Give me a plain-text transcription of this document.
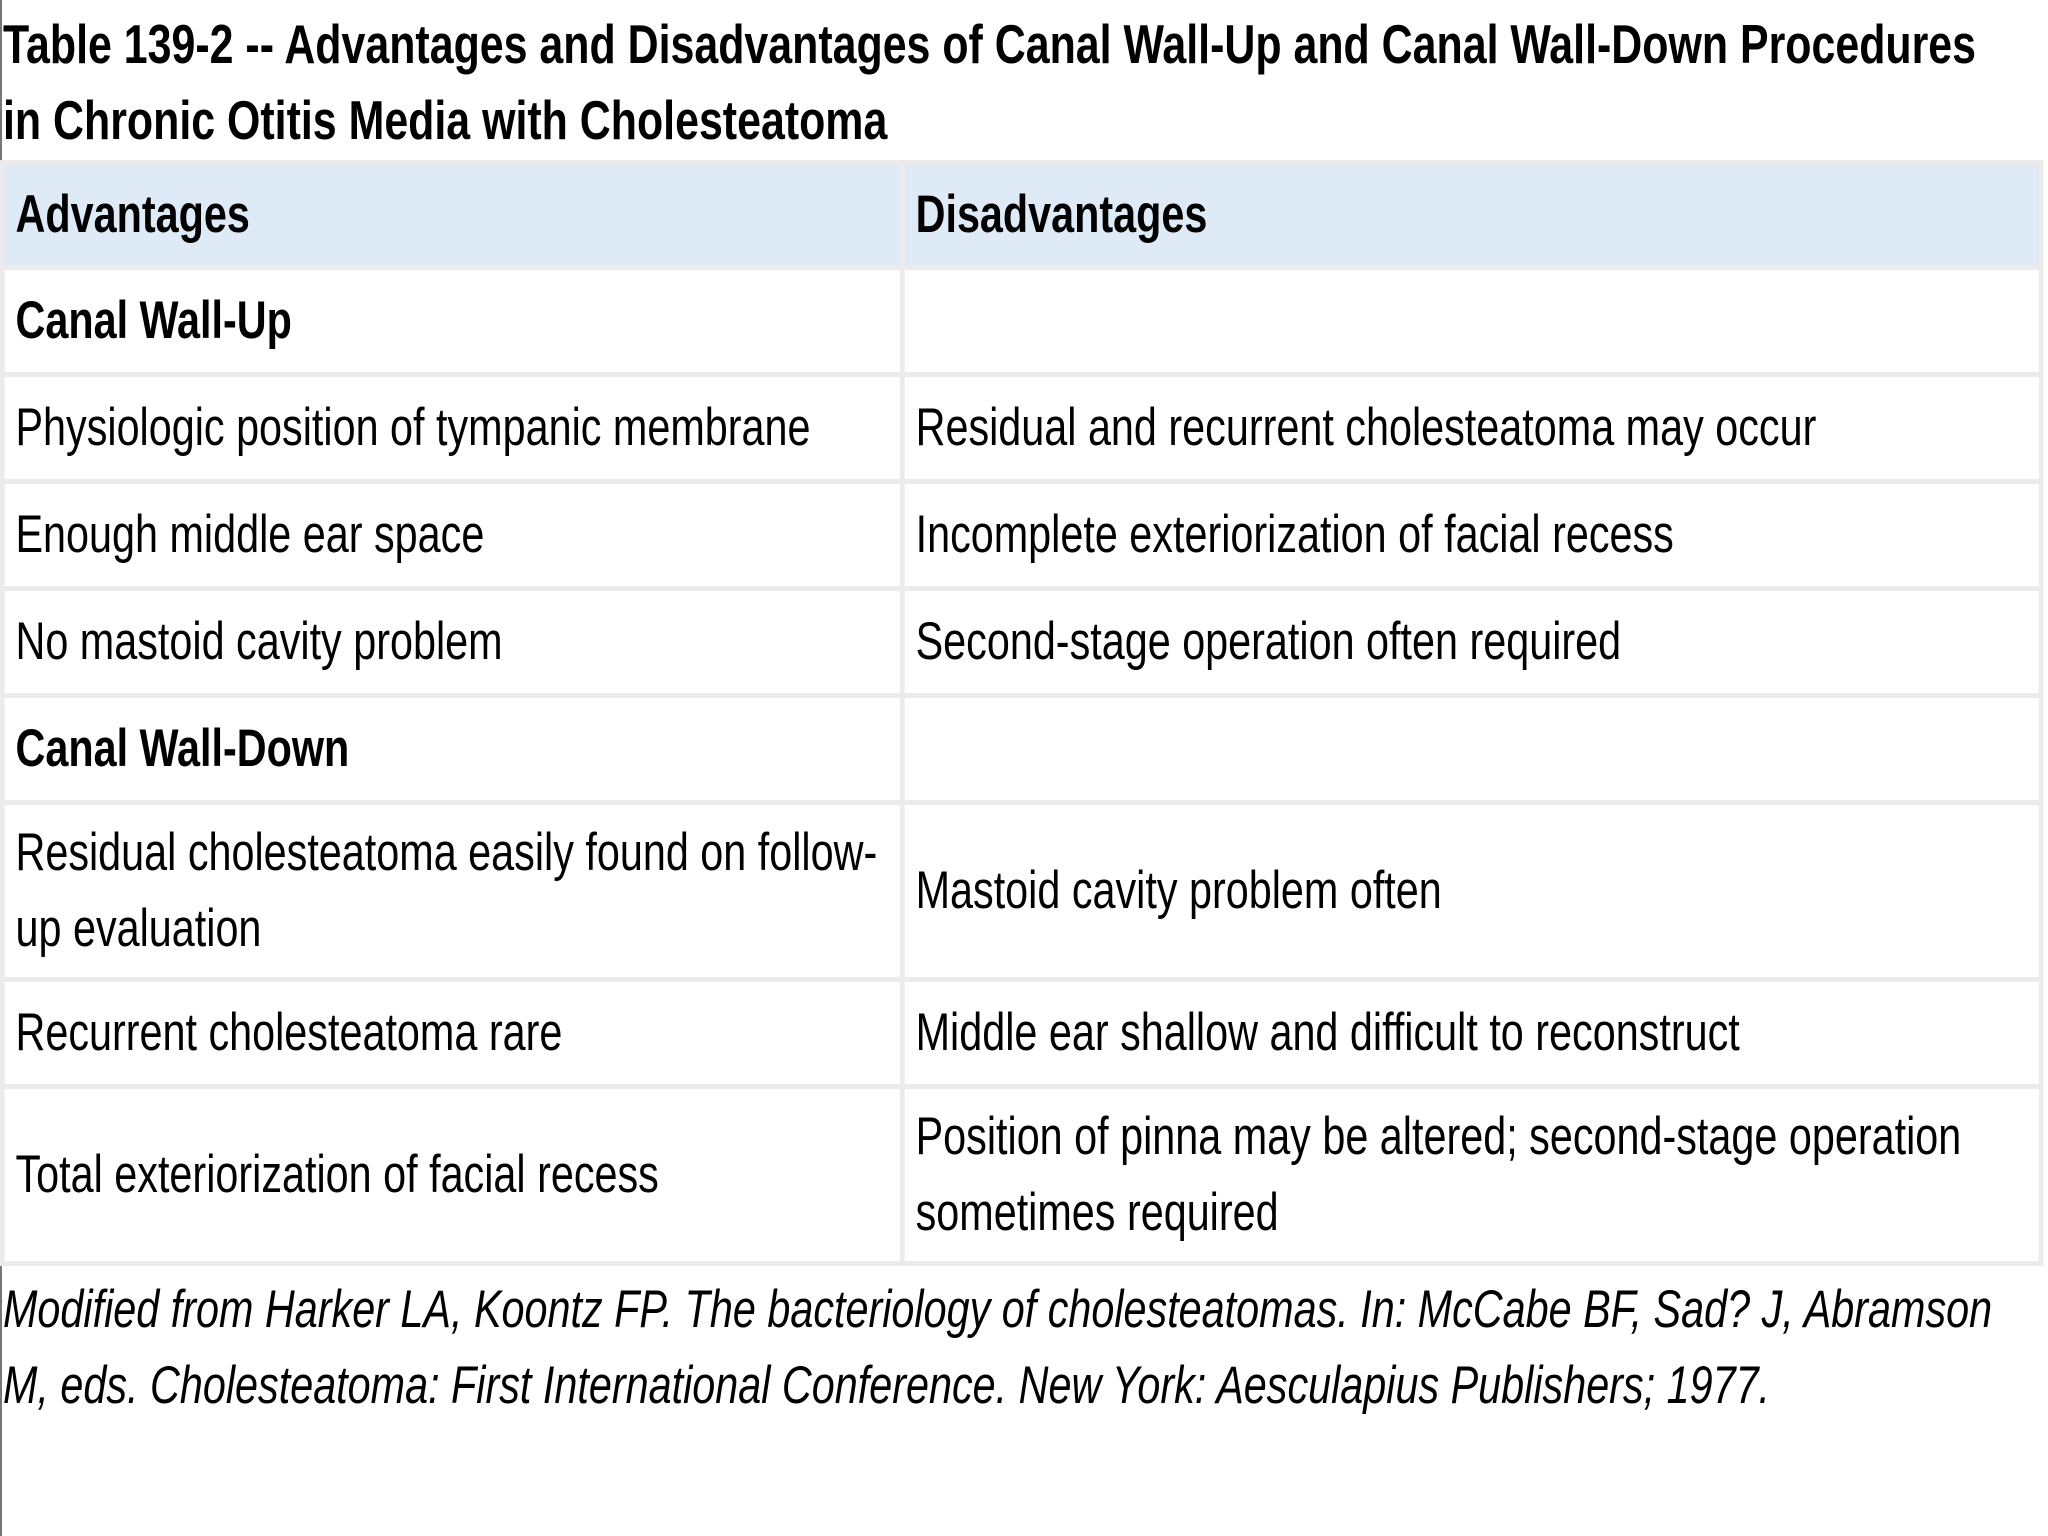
Table 139-2 -- Advantages and Disadvantages of Canal Wall-Up and Canal Wall-Down Procedures
in Chronic Otitis Media with Cholesteatoma
Advantages	Disadvantages
Canal Wall-Up	
Physiologic position of tympanic membrane	Residual and recurrent cholesteatoma may occur
Enough middle ear space	Incomplete exteriorization of facial recess
No mastoid cavity problem	Second-stage operation often required
Canal Wall-Down	
Residual cholesteatoma easily found on follow-up evaluation	Mastoid cavity problem often
Recurrent cholesteatoma rare	Middle ear shallow and difficult to reconstruct
Total exteriorization of facial recess	Position of pinna may be altered; second-stage operation sometimes required
Modified from Harker LA, Koontz FP. The bacteriology of cholesteatomas. In: McCabe BF, Sad? J, Abramson M, eds. Cholesteatoma: First International Conference. New York: Aesculapius Publishers; 1977.
